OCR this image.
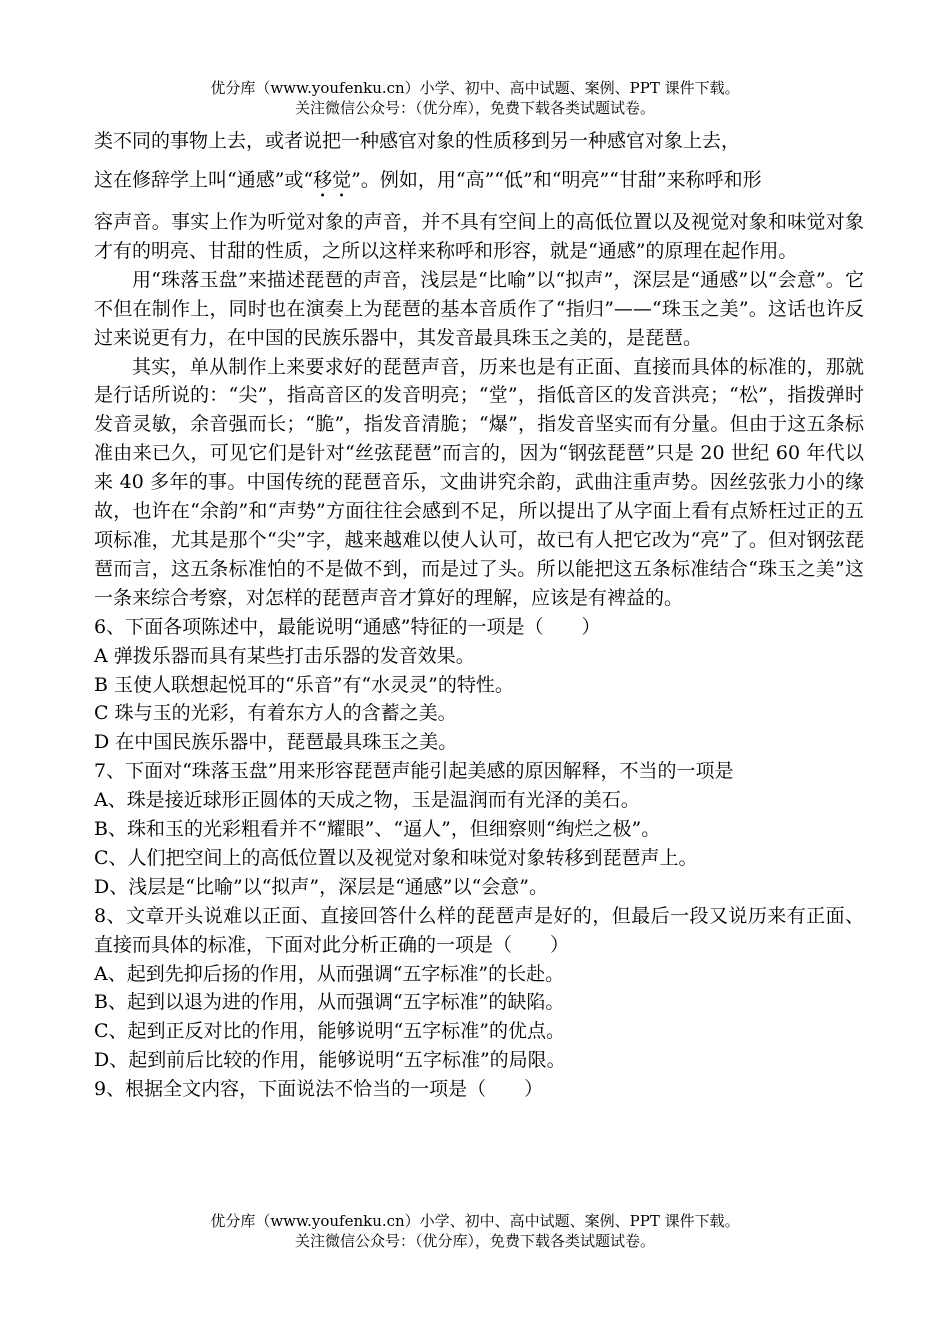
优分库（www.youfenku.cn）小学、初中、高中试题、案例、PPT 课件下载。
关注微信公众号：（优分库），免费下载各类试题试卷。
类不同的事物上去，或者说把一种感官对象的性质移到另一种感官对象上去，
这在修辞学上叫“通感”或“移觉”。例如，用“高”“低”和“明亮”“甘甜”来称呼和形

容声音。事实上作为听觉对象的声音，并不具有空间上的高低位置以及视觉对象和味觉对象才有的明亮、甘甜的性质，之所以这样来称呼和形容，就是“通感”的原理在起作用。

用“珠落玉盘”来描述琵琶的声音，浅层是“比喻”以“拟声”，深层是“通感”以“会意”。它不但在制作上，同时也在演奏上为琵琶的基本音质作了“指归”——“珠玉之美”。这话也许反过来说更有力，在中国的民族乐器中，其发音最具珠玉之美的，是琵琶。

其实，单从制作上来要求好的琵琶声音，历来也是有正面、直接而具体的标准的，那就是行话所说的：“尖”，指高音区的发音明亮；“堂”，指低音区的发音洪亮；“松”，指拨弹时发音灵敏，余音强而长；“脆”，指发音清脆；“爆”，指发音坚实而有分量。但由于这五条标准由来已久，可见它们是针对“丝弦琵琶”而言的，因为“钢弦琵琶”只是 20 世纪 60 年代以来 40 多年的事。中国传统的琵琶音乐，文曲讲究余韵，武曲注重声势。因丝弦张力小的缘故，也许在“余韵”和“声势”方面往往会感到不足，所以提出了从字面上看有点矫枉过正的五项标准，尤其是那个“尖”字，越来越难以使人认可，故已有人把它改为“亮”了。但对钢弦琵琶而言，这五条标准怕的不是做不到，而是过了头。所以能把这五条标准结合“珠玉之美”这一条来综合考察，对怎样的琵琶声音才算好的理解，应该是有裨益的。

6、下面各项陈述中，最能说明“通感”特征的一项是（　　）

A 弹拨乐器而具有某些打击乐器的发音效果。

B 玉使人联想起悦耳的“乐音”有“水灵灵”的特性。

C 珠与玉的光彩，有着东方人的含蓄之美。

D 在中国民族乐器中，琵琶最具珠玉之美。

7、下面对“珠落玉盘”用来形容琵琶声能引起美感的原因解释，不当的一项是

A、珠是接近球形正圆体的天成之物，玉是温润而有光泽的美石。

B、珠和玉的光彩粗看并不“耀眼”、“逼人”，但细察则“绚烂之极”。

C、人们把空间上的高低位置以及视觉对象和味觉对象转移到琵琶声上。

D、浅层是“比喻”以“拟声”，深层是“通感”以“会意”。

8、文章开头说难以正面、直接回答什么样的琵琶声是好的，但最后一段又说历来有正面、直接而具体的标准，下面对此分析正确的一项是（　　）

A、起到先抑后扬的作用，从而强调“五字标准”的长赴。

B、起到以退为进的作用，从而强调“五字标准”的缺陷。

C、起到正反对比的作用，能够说明“五字标准”的优点。

D、起到前后比较的作用，能够说明“五字标准”的局限。

9、根据全文内容，下面说法不恰当的一项是（　　）

优分库（www.youfenku.cn）小学、初中、高中试题、案例、PPT 课件下载。
关注微信公众号：（优分库），免费下载各类试题试卷。
